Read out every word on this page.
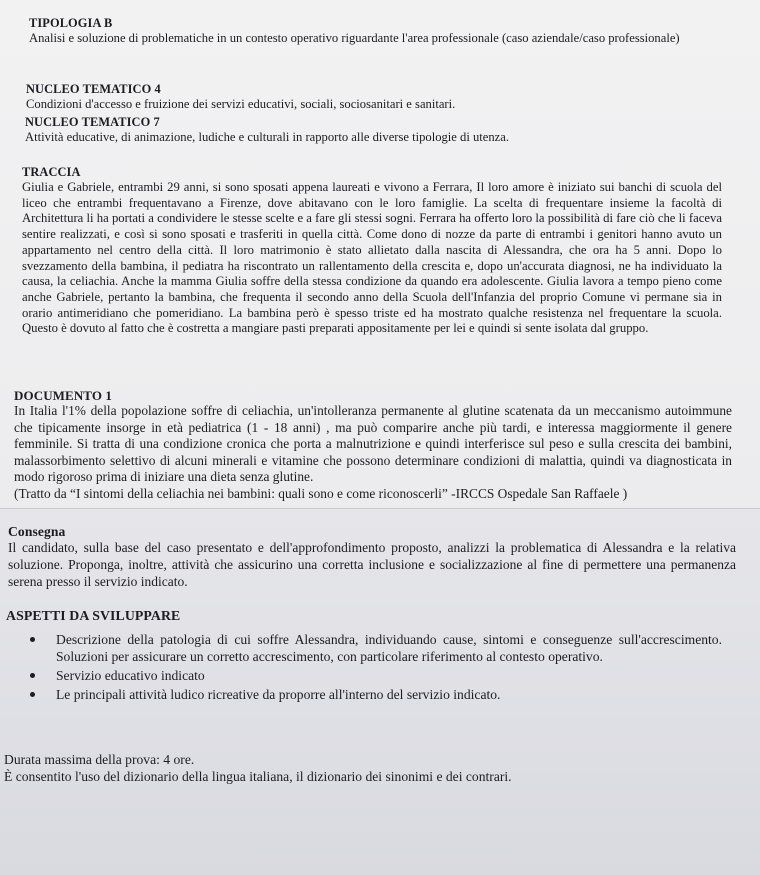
TIPOLOGIA B
Analisi e soluzione di problematiche in un contesto operativo riguardante l'area professionale (caso aziendale/caso professionale)
NUCLEO TEMATICO 4
Condizioni d'accesso e fruizione dei servizi educativi, sociali, sociosanitari e sanitari.
NUCLEO TEMATICO 7
Attività educative, di animazione, ludiche e culturali in rapporto alle diverse tipologie di utenza.
TRACCIA
Giulia e Gabriele, entrambi 29 anni, si sono sposati appena laureati e vivono a Ferrara, Il loro amore è iniziato sui banchi di scuola del liceo che entrambi frequentavano a Firenze, dove abitavano con le loro famiglie. La scelta di frequentare insieme la facoltà di Architettura li ha portati a condividere le stesse scelte e a fare gli stessi sogni. Ferrara ha offerto loro la possibilità di fare ciò che li faceva sentire realizzati, e così si sono sposati e trasferiti in quella città. Come dono di nozze da parte di entrambi i genitori hanno avuto un appartamento nel centro della città. Il loro matrimonio è stato allietato dalla nascita di Alessandra, che ora ha 5 anni. Dopo lo svezzamento della bambina, il pediatra ha riscontrato un rallentamento della crescita e, dopo un'accurata diagnosi, ne ha individuato la causa, la celiachia. Anche la mamma Giulia soffre della stessa condizione da quando era adolescente. Giulia lavora a tempo pieno come anche Gabriele, pertanto la bambina, che frequenta il secondo anno della Scuola dell'Infanzia del proprio Comune vi permane sia in orario antimeridiano che pomeridiano. La bambina però è spesso triste ed ha mostrato qualche resistenza nel frequentare la scuola. Questo è dovuto al fatto che è costretta a mangiare pasti preparati appositamente per lei e quindi si sente isolata dal gruppo.
DOCUMENTO 1
In Italia l'1% della popolazione soffre di celiachia, un'intolleranza permanente al glutine scatenata da un meccanismo autoimmune che tipicamente insorge in età pediatrica (1 - 18 anni) , ma può comparire anche più tardi, e interessa maggiormente il genere femminile. Si tratta di una condizione cronica che porta a malnutrizione e quindi interferisce sul peso e sulla crescita dei bambini, malassorbimento selettivo di alcuni minerali e vitamine che possono determinare condizioni di malattia, quindi va diagnosticata in modo rigoroso prima di iniziare una dieta senza glutine.
(Tratto da “I sintomi della celiachia nei bambini: quali sono e come riconoscerli” -IRCCS Ospedale San Raffaele )
Consegna
Il candidato, sulla base del caso presentato e dell'approfondimento proposto, analizzi la problematica di Alessandra e la relativa soluzione. Proponga, inoltre, attività che assicurino una corretta inclusione e socializzazione al fine di permettere una permanenza serena presso il servizio indicato.
ASPETTI DA SVILUPPARE
Descrizione della patologia di cui soffre Alessandra, individuando cause, sintomi e conseguenze sull'accrescimento. Soluzioni per assicurare un corretto accrescimento, con particolare riferimento al contesto operativo.
Servizio educativo indicato
Le principali attività ludico ricreative da proporre all'interno del servizio indicato.
Durata massima della prova: 4 ore.
È consentito l'uso del dizionario della lingua italiana, il dizionario dei sinonimi e dei contrari.
